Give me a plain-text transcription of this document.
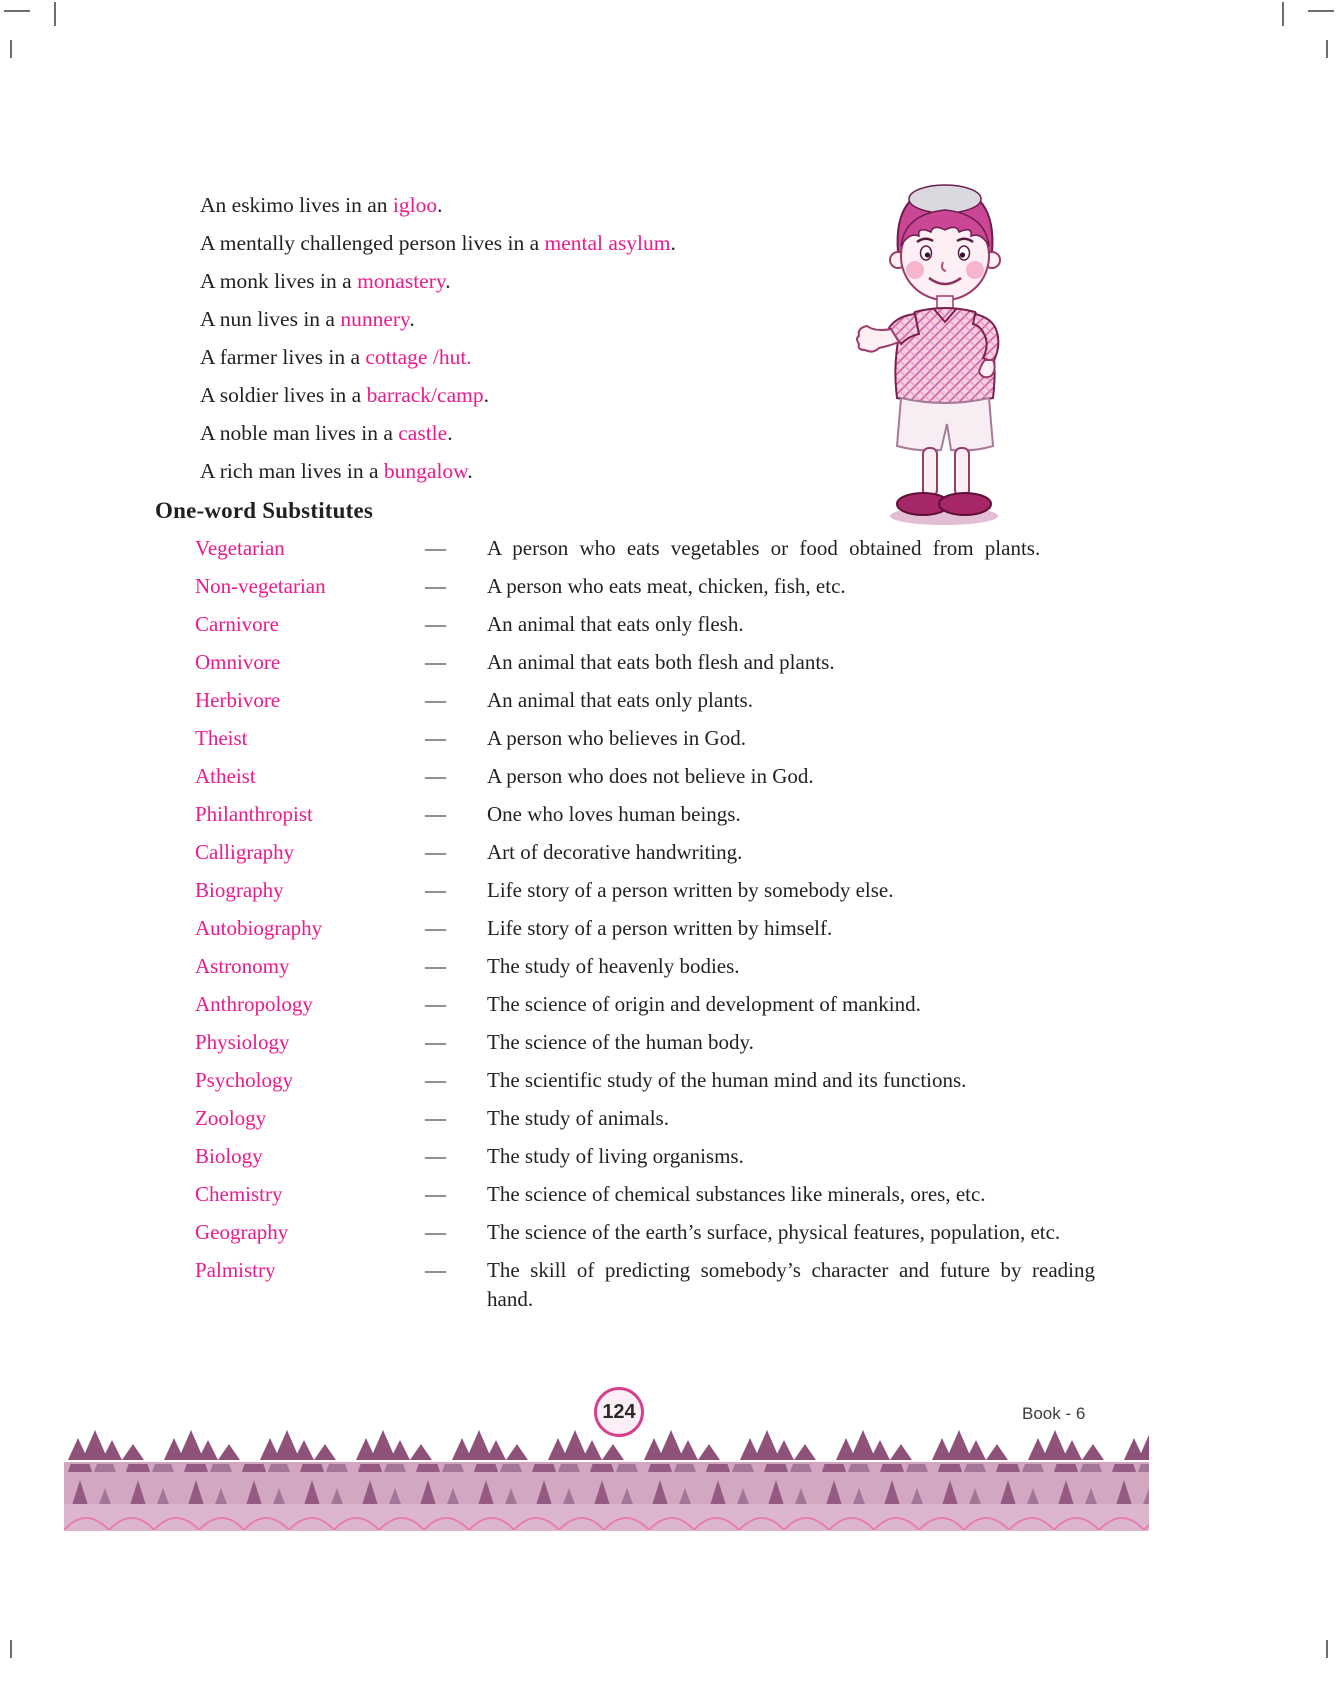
An eskimo lives in an igloo.
A mentally challenged person lives in a mental asylum.
A monk lives in a monastery.
A nun lives in a nunnery.
A farmer lives in a cottage /hut.
A soldier lives in a barrack/camp.
A noble man lives in a castle.
A rich man lives in a bungalow.
One-word Substitutes
Vegetarian	—	A person who eats vegetables or food obtained from plants.
Non-vegetarian	—	A person who eats meat, chicken, fish, etc.
Carnivore	—	An animal that eats only flesh.
Omnivore	—	An animal that eats both flesh and plants.
Herbivore	—	An animal that eats only plants.
Theist	—	A person who believes in God.
Atheist	—	A person who does not believe in God.
Philanthropist	—	One who loves human beings.
Calligraphy	—	Art of decorative handwriting.
Biography	—	Life story of a person written by somebody else.
Autobiography	—	Life story of a person written by himself.
Astronomy	—	The study of heavenly bodies.
Anthropology	—	The science of origin and development of mankind.
Physiology	—	The science of the human body.
Psychology	—	The scientific study of the human mind and its functions.
Zoology	—	The study of animals.
Biology	—	The study of living organisms.
Chemistry	—	The science of chemical substances like minerals, ores, etc.
Geography	—	The science of the earth’s surface, physical features, population, etc.
Palmistry	—	The skill of predicting somebody’s character and future by reading hand.
124	Book - 6
